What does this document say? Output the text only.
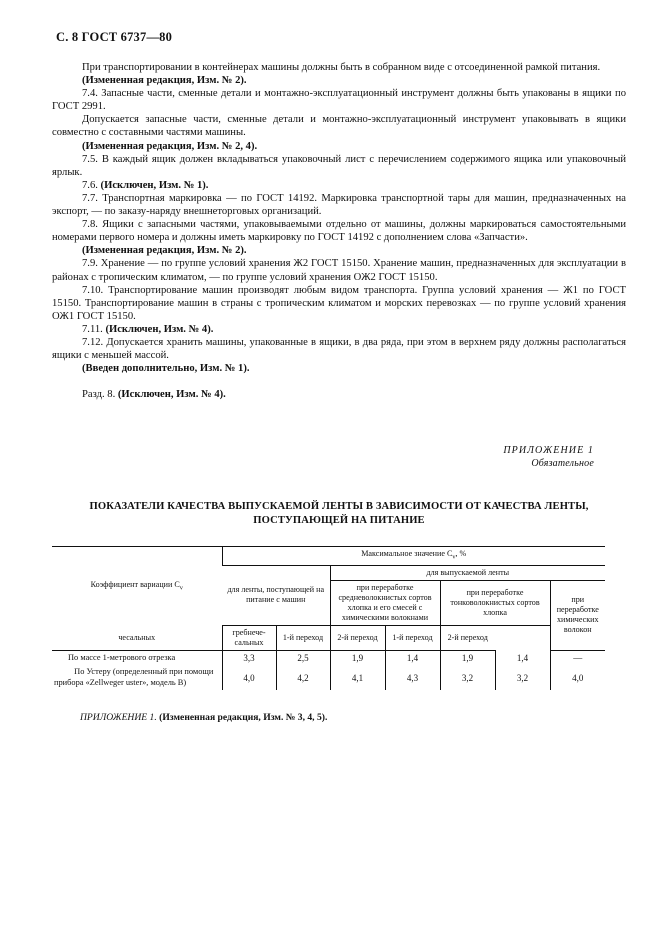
С. 8 ГОСТ 6737—80

При транспортировании в контейнерах машины должны быть в собранном виде с отсоединенной рамкой питания.

(Измененная редакция, Изм. № 2).

7.4. Запасные части, сменные детали и монтажно-эксплуатационный инструмент должны быть упакованы в ящики по ГОСТ 2991.

Допускается запасные части, сменные детали и монтажно-эксплуатационный инструмент упаковывать в ящики совместно с составными частями машины.

(Измененная редакция, Изм. № 2, 4).

7.5. В каждый ящик должен вкладываться упаковочный лист с перечислением содержимого ящика или упаковочный ярлык.

7.6. (Исключен, Изм. № 1).

7.7. Транспортная маркировка — по ГОСТ 14192. Маркировка транспортной тары для машин, предназначенных на экспорт, — по заказу-наряду внешнеторговых организаций.

7.8. Ящики с запасными частями, упаковываемыми отдельно от машины, должны маркироваться самостоятельными номерами первого номера и должны иметь маркировку по ГОСТ 14192 с дополнением слова «Запчасти».

(Измененная редакция, Изм. № 2).

7.9. Хранение — по группе условий хранения Ж2 ГОСТ 15150. Хранение машин, предназначенных для эксплуатации в районах с тропическим климатом, — по группе условий хранения ОЖ2 ГОСТ 15150.

7.10. Транспортирование машин производят любым видом транспорта. Группа условий хранения — Ж1 по ГОСТ 15150. Транспортирование машин в страны с тропическим климатом и морских перевозках — по группе условий хранения ОЖ1 ГОСТ 15150.

7.11. (Исключен, Изм. № 4).

7.12. Допускается хранить машины, упакованные в ящики, в два ряда, при этом в верхнем ряду должны располагаться ящики с меньшей массой.

(Введен дополнительно, Изм. № 1).

Разд. 8. (Исключен, Изм. № 4).

ПРИЛОЖЕНИЕ 1
Обязательное
ПОКАЗАТЕЛИ КАЧЕСТВА ВЫПУСКАЕМОЙ ЛЕНТЫ В ЗАВИСИМОСТИ ОТ КАЧЕСТВА ЛЕНТЫ,
ПОСТУПАЮЩЕЙ НА ПИТАНИЕ
Коэффициент вариации $C_v$	Максимальное значение $C_v$, %						
	для ленты, поступающей на питание с машин		для выпускаемой ленты				
			при переработке средневолокнистых сортов хлопка и его смесей с химическими волокнами		при переработке тонковолокнистых сортов хлопка		при переработке химических волокон
чесальных	гребнече-сальных	1-й переход	2-й переход	1-й переход	2-й переход		
По массе 1-метрового отрезка	3,3	2,5	1,9	1,4	1,9	1,4	—
По Устеру (определенный при помощи прибора «Zellweger uster», модель В)	4,0	4,2	4,1	4,3	3,2	3,2	4,0
ПРИЛОЖЕНИЕ 1. (Измененная редакция, Изм. № 3, 4, 5).
